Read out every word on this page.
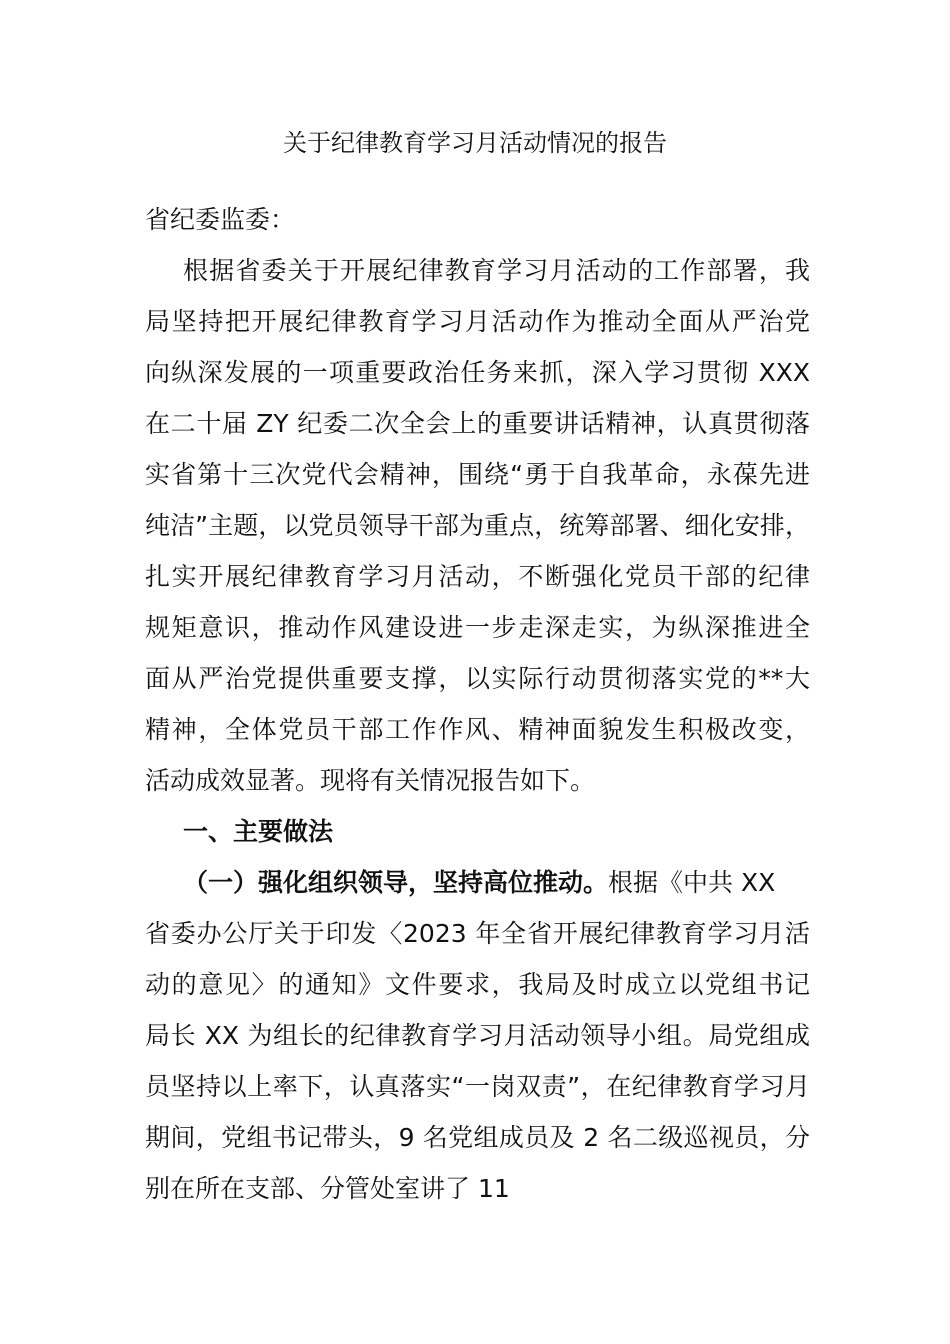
关于纪律教育学习月活动情况的报告
省纪委监委：
根据省委关于开展纪律教育学习月活动的工作部署，我
局坚持把开展纪律教育学习月活动作为推动全面从严治党
向纵深发展的一项重要政治任务来抓，深入学习贯彻 XXX
在二十届 ZY 纪委二次全会上的重要讲话精神，认真贯彻落
实省第十三次党代会精神，围绕“勇于自我革命，永葆先进
纯洁”主题，以党员领导干部为重点，统筹部署、细化安排，
扎实开展纪律教育学习月活动，不断强化党员干部的纪律
规矩意识，推动作风建设进一步走深走实，为纵深推进全
面从严治党提供重要支撑，以实际行动贯彻落实党的**大
精神，全体党员干部工作作风、精神面貌发生积极改变，
活动成效显著。现将有关情况报告如下。
一、主要做法
（一）强化组织领导，坚持高位推动。根据《中共 XX
省委办公厅关于印发〈2023 年全省开展纪律教育学习月活
动的意见〉的通知》文件要求，我局及时成立以党组书记
局长 XX 为组长的纪律教育学习月活动领导小组。局党组成
员坚持以上率下，认真落实“一岗双责”，在纪律教育学习月
期间，党组书记带头，9 名党组成员及 2 名二级巡视员，分
别在所在支部、分管处室讲了 11
